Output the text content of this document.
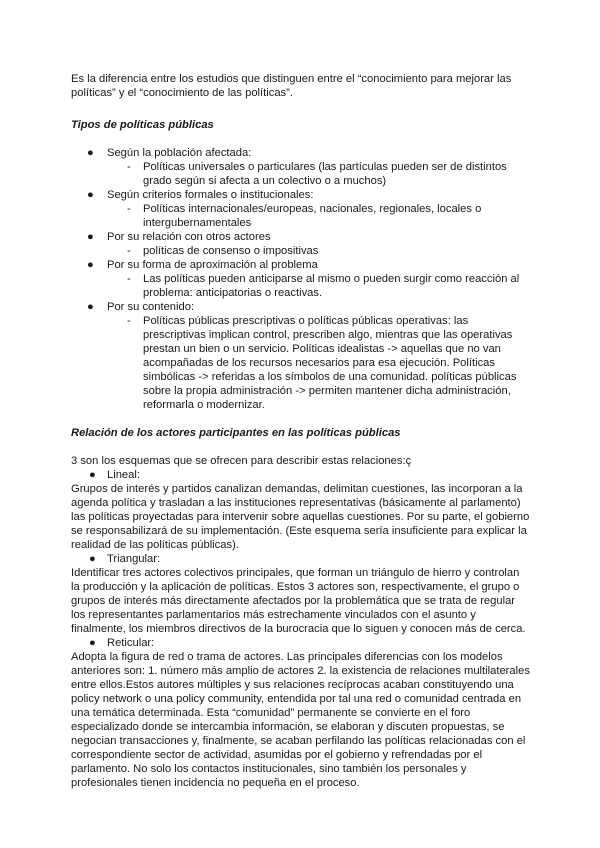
Es la diferencia entre los estudios que distinguen entre el “conocimiento para mejorar las políticas” y el “conocimiento de las políticas”.

Tipos de políticas públicas

● Según la población afectada:
- Políticas universales o particulares (las partículas pueden ser de distintos grado según si afecta a un colectivo o a muchos)
● Según criterios formales o institucionales:
- Políticas internacionales/europeas, nacionales, regionales, locales o intergubernamentales
● Por su relación con otros actores
- políticas de consenso o impositivas
● Por su forma de aproximación al problema
- Las políticas pueden anticiparse al mismo o pueden surgir como reacción al problema: anticipatorias o reactivas.
● Por su contenido:
- Políticas públicas prescriptivas o políticas públicas operativas: las prescriptivas implican control, prescriben algo, mientras que las operativas prestan un bien o un servicio. Políticas idealistas -> aquellas que no van acompañadas de los recursos necesarios para esa ejecución. Políticas simbólicas -> referidas a los símbolos de una comunidad. políticas públicas sobre la propia administración -> permiten mantener dicha administración, reformarla o modernizar.

Relación de los actores participantes en las políticas públicas

3 son los esquemas que se ofrecen para describir estas relaciones:ç

● Lineal:

Grupos de interés y partidos canalizan demandas, delimitan cuestiones, las incorporan a la agenda política y trasladan a las instituciones representativas (básicamente al parlamento) las políticas proyectadas para intervenir sobre aquellas cuestiones. Por su parte, el gobierno se responsabilizará de su implementación. (Este esquema sería insuficiente para explicar la realidad de las políticas públicas).

● Triangular:

Identificar tres actores colectivos principales, que forman un triángulo de hierro y controlan la producción y la aplicación de políticas. Estos 3 actores son, respectivamente, el grupo o grupos de interés más directamente afectados por la problemática que se trata de regular los representantes parlamentarios más estrechamente vinculados con el asunto y finalmente, los miembros directivos de la burocracia que lo siguen y conocen más de cerca.

● Reticular:

Adopta la figura de red o trama de actores. Las principales diferencias con los modelos anteriores son: 1. número más amplio de actores 2. la existencia de relaciones multilaterales entre ellos.Estos autores múltiples y sus relaciones recíprocas acaban constituyendo una policy network o una policy community, entendida por tal una red o comunidad centrada en una temática determinada. Esta “comunidad” permanente se convierte en el foro especializado donde se intercambia información, se elaboran y discuten propuestas, se negocian transacciones y, finalmente, se acaban perfilando las políticas relacionadas con el correspondiente sector de actividad, asumidas por el gobierno y refrendadas por el parlamento. No solo los contactos institucionales, sino también los personales y profesionales tienen incidencia no pequeña en el proceso.
